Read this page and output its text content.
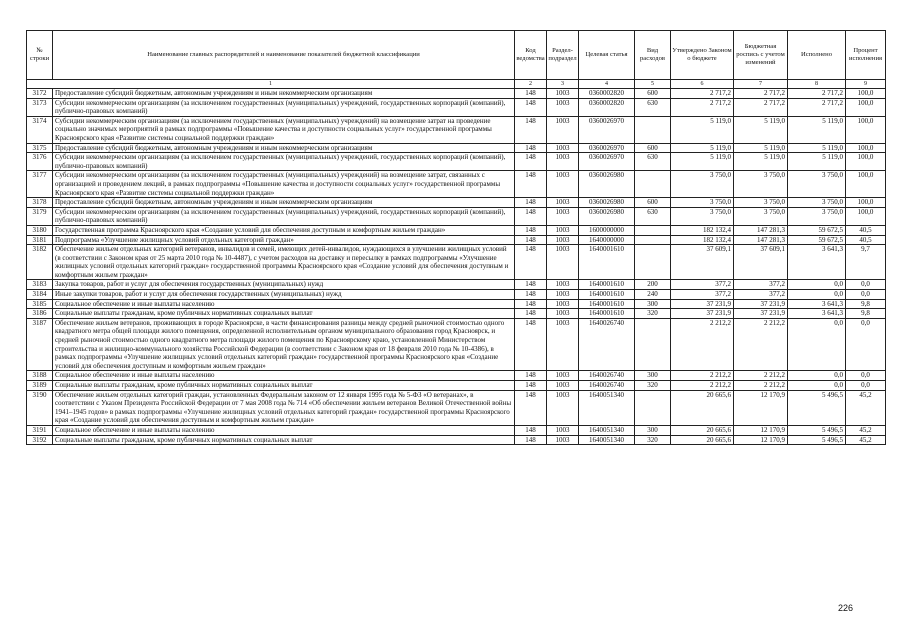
№ строки	Наименование главных распорядителей и наименование показателей бюджетной классификации	Код ведомства	Раздел-подраздел	Целевая статья	Вид расходов	Утверждено Законом о бюджете	Бюджетная роспись с учетом изменений	Исполнено	Процент исполнения
1		2	3	4	5	6	7	8	9
3172	Предоставление субсидий бюджетным, автономным учреждениям и иным некоммерческим организациям	148	1003	0360002820	600	2 717,2	2 717,2	2 717,2	100,0
3173	Субсидии некоммерческим организациям (за исключением государственных (муниципальных) учреждений, государственных корпораций (компаний), публично-правовых компаний)	148	1003	0360002820	630	2 717,2	2 717,2	2 717,2	100,0
3174	Субсидии некоммерческим организациям (за исключением государственных (муниципальных) учреждений) на возмещение затрат на проведение социально значимых мероприятий в рамках подпрограммы «Повышение качества и доступности социальных услуг» государственной программы Красноярского края «Развитие системы социальной поддержки граждан»	148	1003	0360026970		5 119,0	5 119,0	5 119,0	100,0
3175	Предоставление субсидий бюджетным, автономным учреждениям и иным некоммерческим организациям	148	1003	0360026970	600	5 119,0	5 119,0	5 119,0	100,0
3176	Субсидии некоммерческим организациям (за исключением государственных (муниципальных) учреждений, государственных корпораций (компаний), публично-правовых компаний)	148	1003	0360026970	630	5 119,0	5 119,0	5 119,0	100,0
3177	Субсидии некоммерческим организациям (за исключением государственных (муниципальных) учреждений) на возмещение затрат, связанных с организацией и проведением лекций, в рамках подпрограммы «Повышение качества и доступности социальных услуг» государственной программы Красноярского края «Развитие системы социальной поддержки граждан»	148	1003	0360026980		3 750,0	3 750,0	3 750,0	100,0
3178	Предоставление субсидий бюджетным, автономным учреждениям и иным некоммерческим организациям	148	1003	0360026980	600	3 750,0	3 750,0	3 750,0	100,0
3179	Субсидии некоммерческим организациям (за исключением государственных (муниципальных) учреждений, государственных корпораций (компаний), публично-правовых компаний)	148	1003	0360026980	630	3 750,0	3 750,0	3 750,0	100,0
3180	Государственная программа Красноярского края «Создание условий для обеспечения доступным и комфортным жильем граждан»	148	1003	1600000000		182 132,4	147 281,3	59 672,5	40,5
3181	Подпрограмма «Улучшение жилищных условий отдельных категорий граждан»	148	1003	1640000000		182 132,4	147 281,3	59 672,5	40,5
3182	Обеспечение жильем отдельных категорий ветеранов, инвалидов и семей, имеющих детей-инвалидов, нуждающихся в улучшении жилищных условий (в соответствии с Законом края от 25 марта 2010 года № 10-4487), с учетом расходов на доставку и пересылку в рамках подпрограммы «Улучшение жилищных условий отдельных категорий граждан» государственной программы Красноярского края «Создание условий для обеспечения доступным и комфортным жильем граждан»	148	1003	1640001610		37 609,1	37 609,1	3 641,3	9,7
3183	Закупка товаров, работ и услуг для обеспечения государственных (муниципальных) нужд	148	1003	1640001610	200	377,2	377,2	0,0	0,0
3184	Иные закупки товаров, работ и услуг для обеспечения государственных (муниципальных) нужд	148	1003	1640001610	240	377,2	377,2	0,0	0,0
3185	Социальное обеспечение и иные выплаты населению	148	1003	1640001610	300	37 231,9	37 231,9	3 641,3	9,8
3186	Социальные выплаты гражданам, кроме публичных нормативных социальных выплат	148	1003	1640001610	320	37 231,9	37 231,9	3 641,3	9,8
3187	Обеспечение жильем ветеранов, проживающих в городе Красноярске, в части финансирования разницы между средней рыночной стоимостью одного квадратного метра общей площади жилого помещения, определенной исполнительным органом муниципального образования город Красноярск, и средней рыночной стоимостью одного квадратного метра площади жилого помещения по Красноярскому краю, установленной Министерством строительства и жилищно-коммунального хозяйства Российской Федерации (в соответствии с Законом края от 18 февраля 2010 года № 10-4386), в рамках подпрограммы «Улучшение жилищных условий отдельных категорий граждан» государственной программы Красноярского края «Создание условий для обеспечения доступным и комфортным жильем граждан»	148	1003	1640026740		2 212,2	2 212,2	0,0	0,0
3188	Социальное обеспечение и иные выплаты населению	148	1003	1640026740	300	2 212,2	2 212,2	0,0	0,0
3189	Социальные выплаты гражданам, кроме публичных нормативных социальных выплат	148	1003	1640026740	320	2 212,2	2 212,2	0,0	0,0
3190	Обеспечение жильем отдельных категорий граждан, установленных Федеральным законом от 12 января 1995 года № 5-ФЗ «О ветеранах», в соответствии с Указом Президента Российской Федерации от 7 мая 2008 года № 714 «Об обеспечении жильем ветеранов Великой Отечественной войны 1941–1945 годов» в рамках подпрограммы «Улучшение жилищных условий отдельных категорий граждан» государственной программы Красноярского края «Создание условий для обеспечения доступным и комфортным жильем граждан»	148	1003	1640051340		20 665,6	12 170,9	5 496,5	45,2
3191	Социальное обеспечение и иные выплаты населению	148	1003	1640051340	300	20 665,6	12 170,9	5 496,5	45,2
3192	Социальные выплаты гражданам, кроме публичных нормативных социальных выплат	148	1003	1640051340	320	20 665,6	12 170,9	5 496,5	45,2
226
